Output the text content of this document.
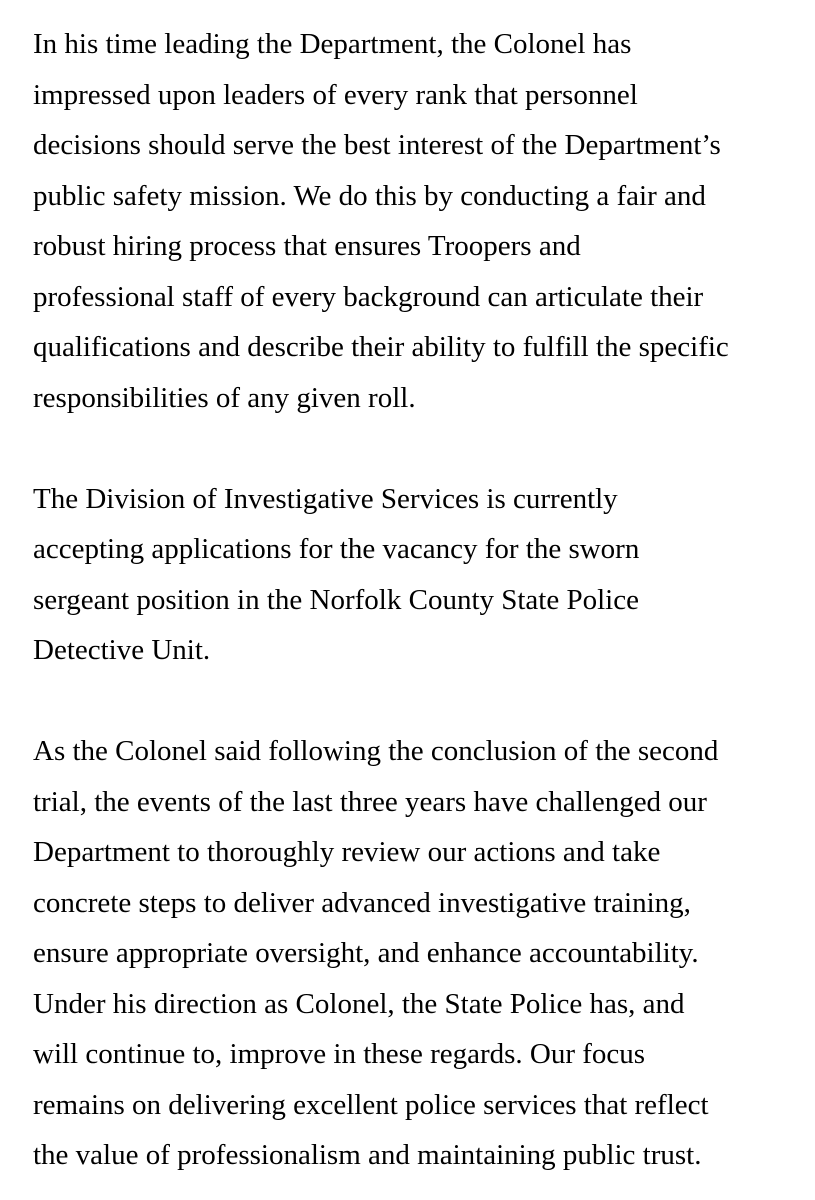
In his time leading the Department, the Colonel has
impressed upon leaders of every rank that personnel
decisions should serve the best interest of the Department’s
public safety mission. We do this by conducting a fair and
robust hiring process that ensures Troopers and
professional staff of every background can articulate their
qualifications and describe their ability to fulfill the specific
responsibilities of any given roll.

The Division of Investigative Services is currently
accepting applications for the vacancy for the sworn
sergeant position in the Norfolk County State Police
Detective Unit.

As the Colonel said following the conclusion of the second
trial, the events of the last three years have challenged our
Department to thoroughly review our actions and take
concrete steps to deliver advanced investigative training,
ensure appropriate oversight, and enhance accountability.
Under his direction as Colonel, the State Police has, and
will continue to, improve in these regards. Our focus
remains on delivering excellent police services that reflect
the value of professionalism and maintaining public trust.
